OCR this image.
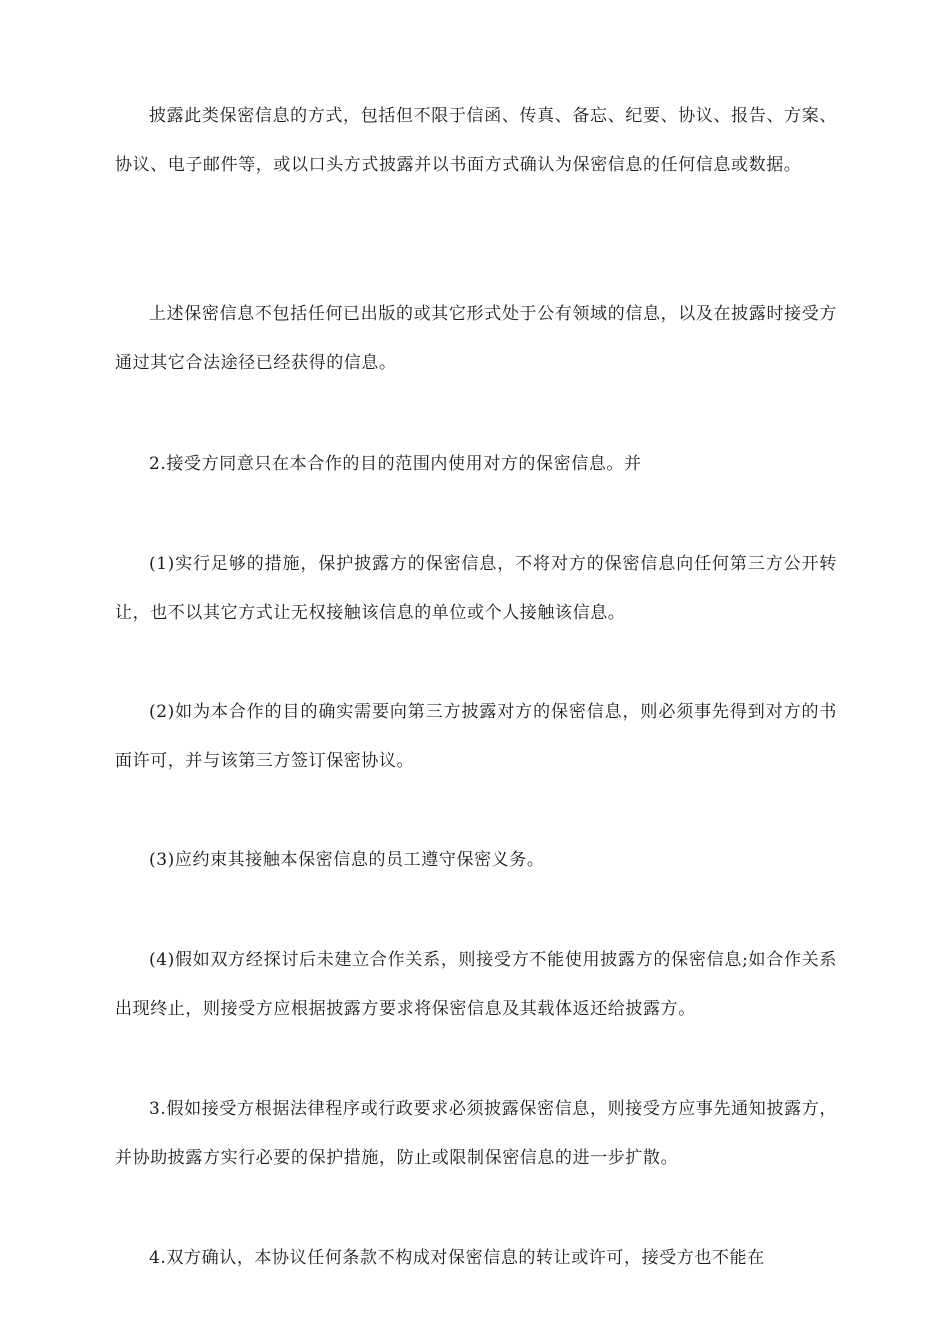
披露此类保密信息的方式，包括但不限于信函、传真、备忘、纪要、协议、报告、方案、协议、电子邮件等，或以口头方式披露并以书面方式确认为保密信息的任何信息或数据。

上述保密信息不包括任何已出版的或其它形式处于公有领域的信息，以及在披露时接受方通过其它合法途径已经获得的信息。

2.接受方同意只在本合作的目的范围内使用对方的保密信息。并

(1)实行足够的措施，保护披露方的保密信息，不将对方的保密信息向任何第三方公开转让，也不以其它方式让无权接触该信息的单位或个人接触该信息。

(2)如为本合作的目的确实需要向第三方披露对方的保密信息，则必须事先得到对方的书面许可，并与该第三方签订保密协议。

(3)应约束其接触本保密信息的员工遵守保密义务。

(4)假如双方经探讨后未建立合作关系，则接受方不能使用披露方的保密信息;如合作关系出现终止，则接受方应根据披露方要求将保密信息及其载体返还给披露方。

3.假如接受方根据法律程序或行政要求必须披露保密信息，则接受方应事先通知披露方，并协助披露方实行必要的保护措施，防止或限制保密信息的进一步扩散。

4.双方确认，本协议任何条款不构成对保密信息的转让或许可，接受方也不能在
